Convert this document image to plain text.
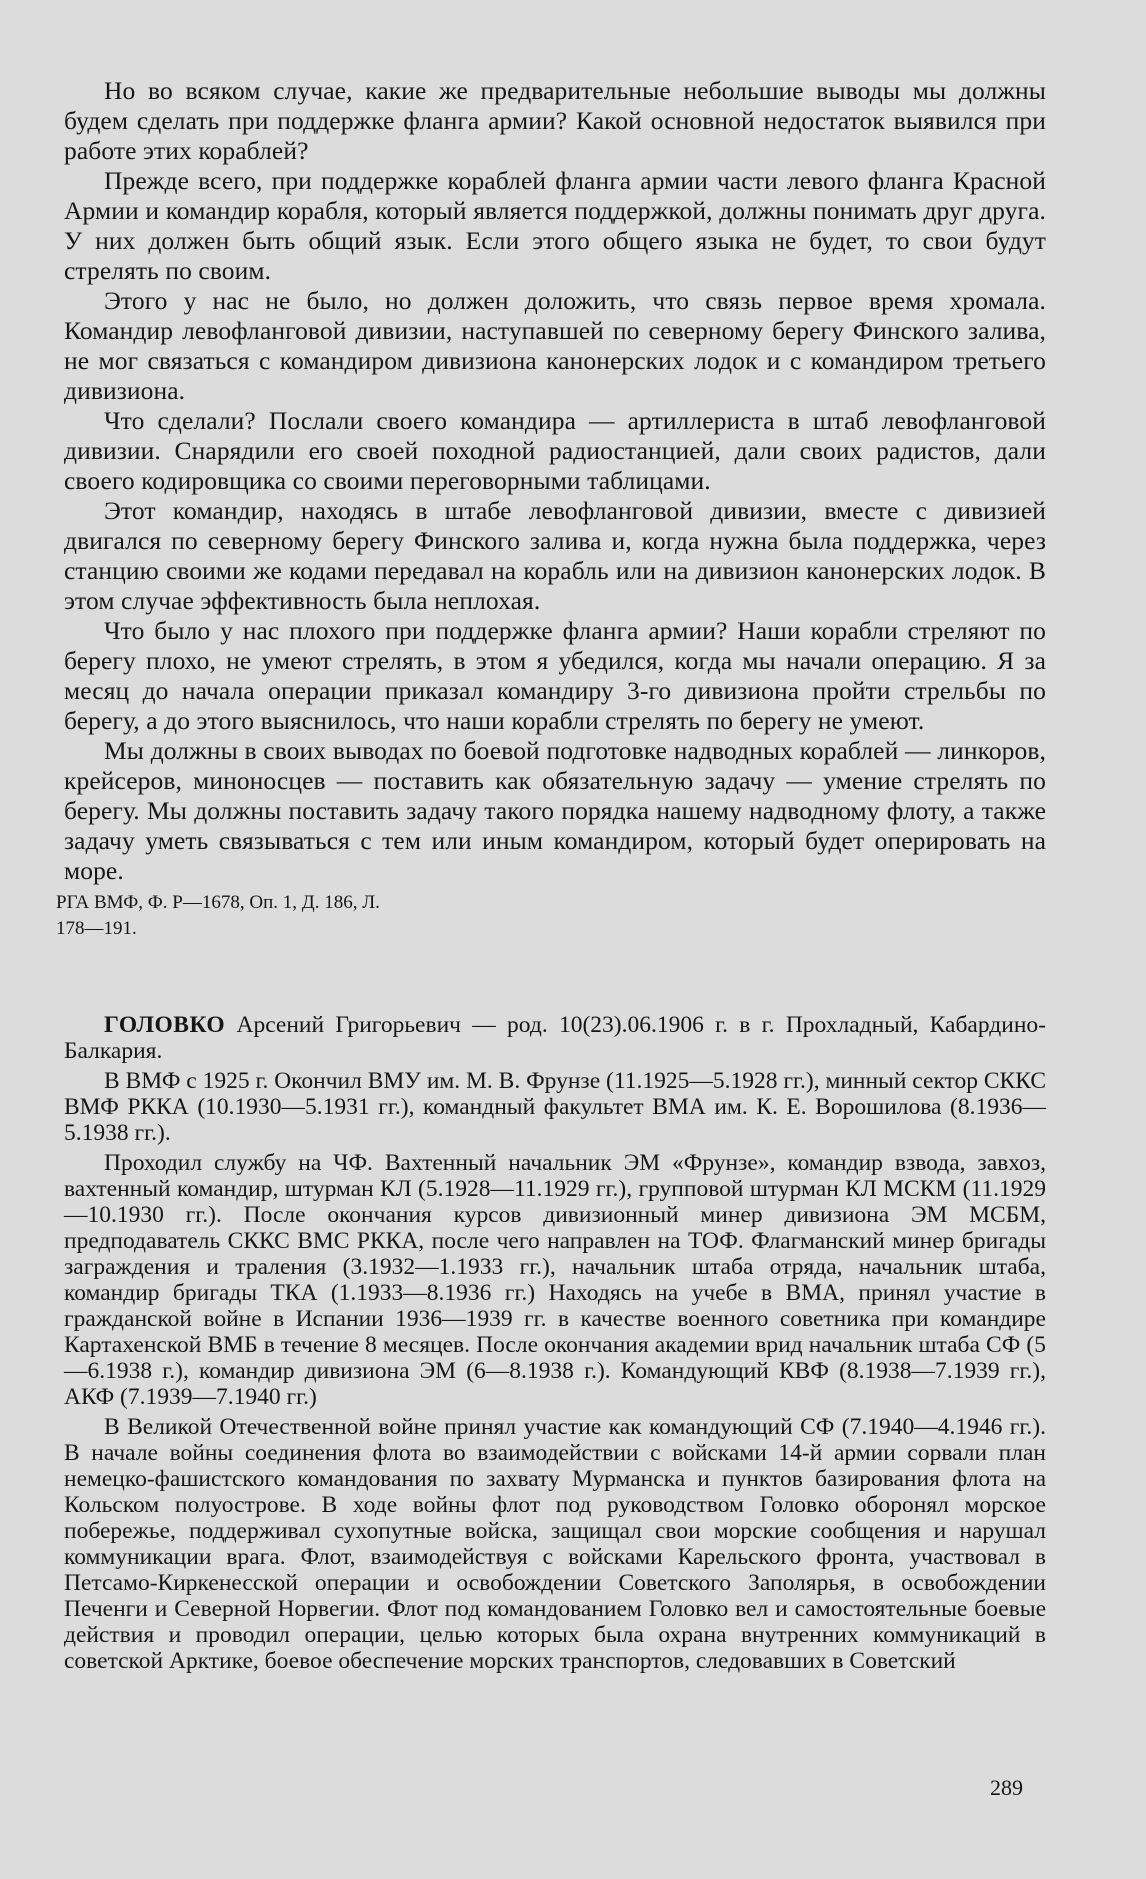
Но во всяком случае, какие же предварительные небольшие выводы мы должны будем сделать при поддержке фланга армии? Какой основной недостаток выявился при работе этих кораблей?

Прежде всего, при поддержке кораблей фланга армии части левого фланга Красной Армии и командир корабля, который является поддержкой, должны понимать друг друга. У них должен быть общий язык. Если этого общего языка не будет, то свои будут стрелять по своим.

Этого у нас не было, но должен доложить, что связь первое время хромала. Командир левофланговой дивизии, наступавшей по северному берегу Финского залива, не мог связаться с командиром дивизиона канонерских лодок и с командиром третьего дивизиона.

Что сделали? Послали своего командира — артиллериста в штаб левофланговой дивизии. Снарядили его своей походной радиостанцией, дали своих радистов, дали своего кодировщика со своими переговорными таблицами.

Этот командир, находясь в штабе левофланговой дивизии, вместе с дивизией двигался по северному берегу Финского залива и, когда нужна была поддержка, через станцию своими же кодами передавал на корабль или на дивизион канонерских лодок. В этом случае эффективность была неплохая.

Что было у нас плохого при поддержке фланга армии? Наши корабли стреляют по берегу плохо, не умеют стрелять, в этом я убедился, когда мы начали операцию. Я за месяц до начала операции приказал командиру 3-го дивизиона пройти стрельбы по берегу, а до этого выяснилось, что наши корабли стрелять по берегу не умеют.

Мы должны в своих выводах по боевой подготовке надводных кораблей — линкоров, крейсеров, миноносцев — поставить как обязательную задачу — умение стрелять по берегу. Мы должны поставить задачу такого порядка нашему надводному флоту, а также задачу уметь связываться с тем или иным командиром, который будет оперировать на море.

РГА ВМФ, Ф. Р—1678, Оп. 1, Д. 186, Л.
178—191.

ГОЛОВКО Арсений Григорьевич — род. 10(23).06.1906 г. в г. Прохладный, Кабардино-Балкария.

В ВМФ с 1925 г. Окончил ВМУ им. М. В. Фрунзе (11.1925—5.1928 гг.), минный сектор СККС ВМФ РККА (10.1930—5.1931 гг.), командный факультет ВМА им. К. Е. Ворошилова (8.1936—5.1938 гг.).

Проходил службу на ЧФ. Вахтенный начальник ЭМ «Фрунзе», командир взвода, завхоз, вахтенный командир, штурман КЛ (5.1928—11.1929 гг.), групповой штурман КЛ МСКМ (11.1929—10.1930 гг.). После окончания курсов дивизионный минер дивизиона ЭМ МСБМ, предподаватель СККС ВМС РККА, после чего направлен на ТОФ. Флагманский минер бригады заграждения и траления (3.1932—1.1933 гг.), начальник штаба отряда, начальник штаба, командир бригады ТКА (1.1933—8.1936 гг.) Находясь на учебе в ВМА, принял участие в гражданской войне в Испании 1936—1939 гг. в качестве военного советника при командире Картахенской ВМБ в течение 8 месяцев. После окончания академии врид начальник штаба СФ (5—6.1938 г.), командир дивизиона ЭМ (6—8.1938 г.). Командующий КВФ (8.1938—7.1939 гг.), АКФ (7.1939—7.1940 гг.)

В Великой Отечественной войне принял участие как командующий СФ (7.1940—4.1946 гг.). В начале войны соединения флота во взаимодействии с войсками 14-й армии сорвали план немецко-фашистского командования по захвату Мурманска и пунктов базирования флота на Кольском полуострове. В ходе войны флот под руководством Головко оборонял морское побережье, поддерживал сухопутные войска, защищал свои морские сообщения и нарушал коммуникации врага. Флот, взаимодействуя с войсками Карельского фронта, участвовал в Петсамо-Киркенесской операции и освобождении Советского Заполярья, в освобождении Печенги и Северной Норвегии. Флот под командованием Головко вел и самостоятельные боевые действия и проводил операции, целью которых была охрана внутренних коммуникаций в советской Арктике, боевое обеспечение морских транспортов, следовавших в Советский

289
